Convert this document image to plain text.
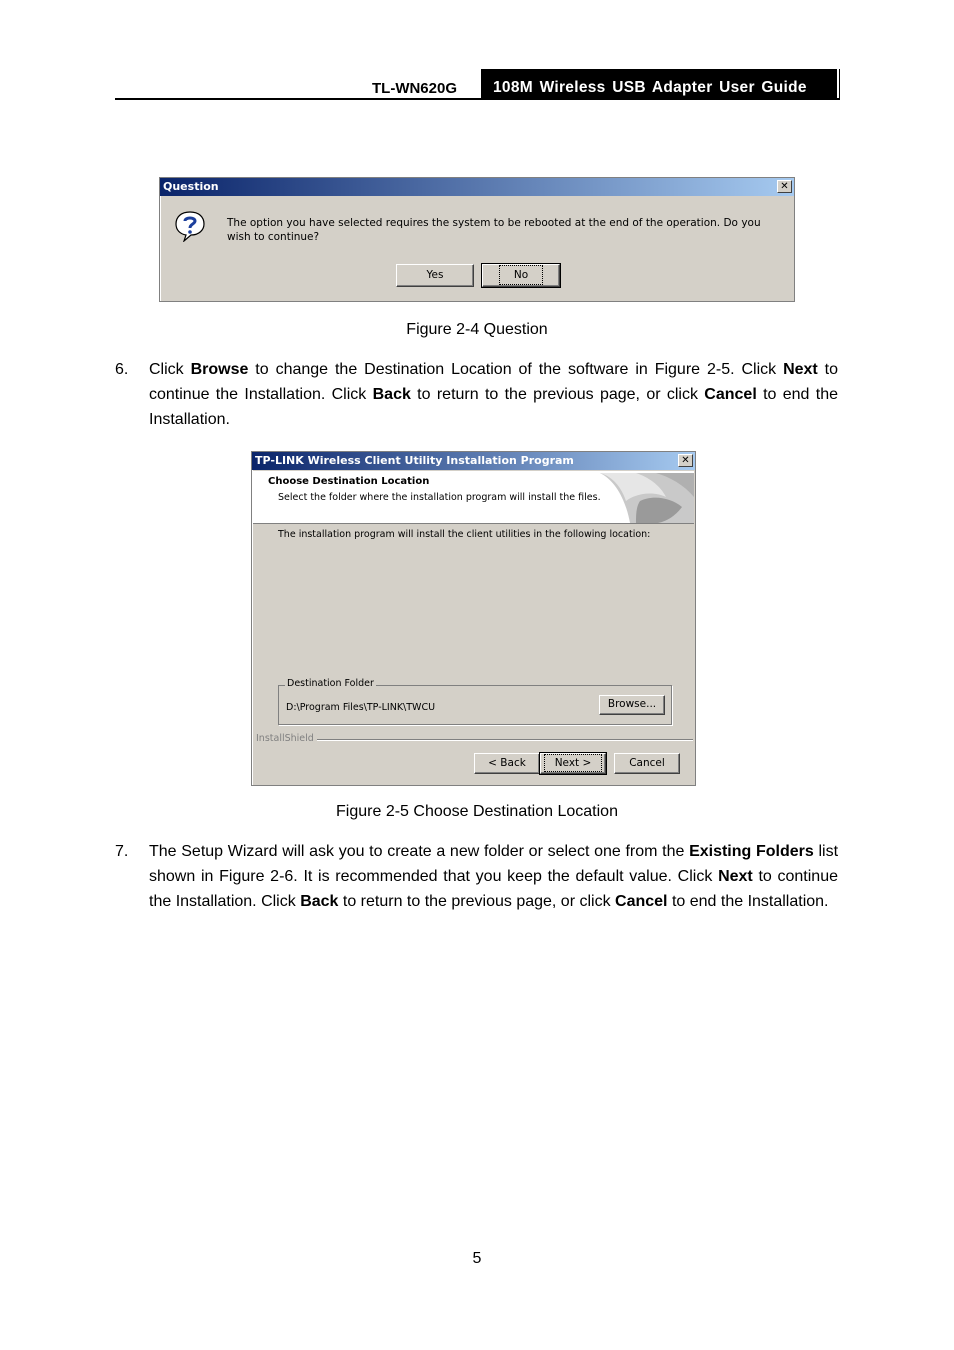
TL-WN620G	108M Wireless USB Adapter User Guide
Question	✕
The option you have selected requires the system to be rebooted at the end of the operation. Do you wish to continue?
Yes	No
Figure 2-4 Question
6. Click Browse to change the Destination Location of the software in Figure 2-5. Click Next to continue the Installation. Click Back to return to the previous page, or click Cancel to end the Installation.
TP-LINK Wireless Client Utility Installation Program	✕
Choose Destination Location
Select the folder where the installation program will install the files.
The installation program will install the client utilities in the following location:
Destination Folder
D:\Program Files\TP-LINK\TWCU	Browse...
InstallShield
< Back	Next >	Cancel
Figure 2-5 Choose Destination Location
7. The Setup Wizard will ask you to create a new folder or select one from the Existing Folders list shown in Figure 2-6. It is recommended that you keep the default value. Click Next to continue the Installation. Click Back to return to the previous page, or click Cancel to end the Installation.
5
